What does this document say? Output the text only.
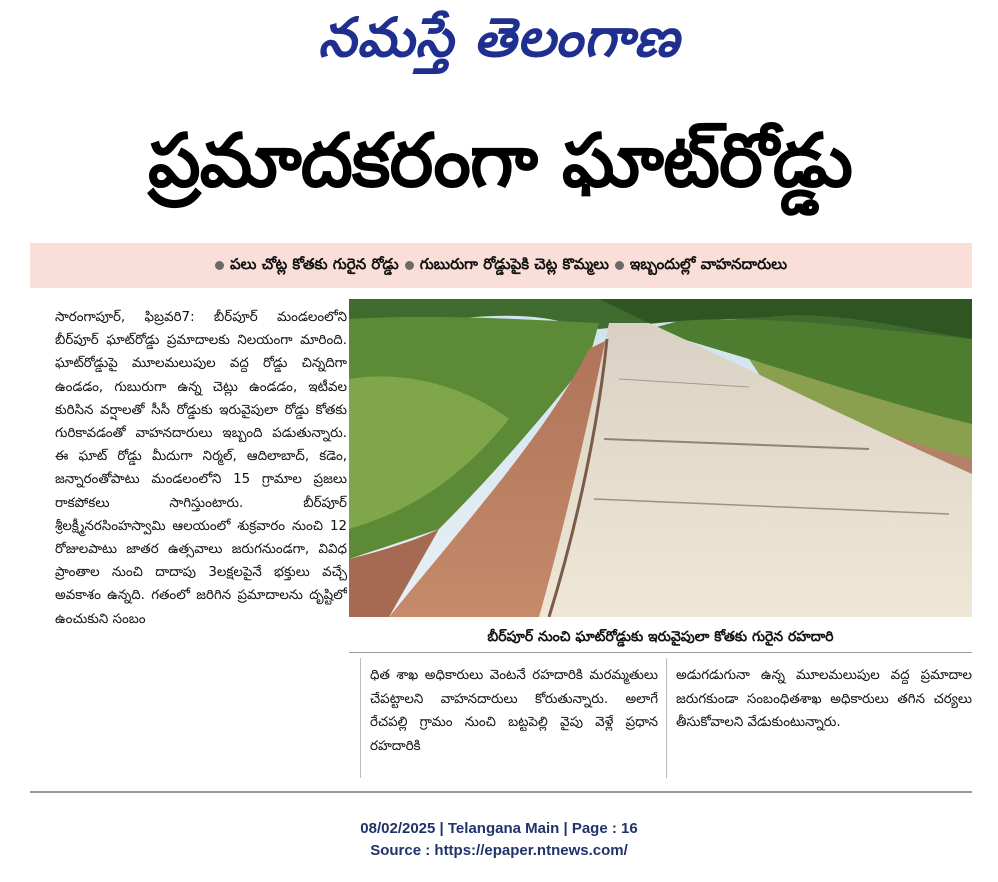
నమస్తే తెలంగాణ
ప్రమాదకరంగా ఘాట్‌రోడ్డు
పలు చోట్ల కోతకు గురైన రోడ్డు గుబురుగా రోడ్డుపైకి చెట్ల కొమ్మలు ఇబ్బందుల్లో వాహనదారులు
సారంగాపూర్, ఫిబ్రవరి7: బీర్‌పూర్ మండలంలోని బీర్‌పూర్ ఘాట్‌రోడ్డు ప్రమాదాలకు నిలయంగా మారింది. ఘాట్‌రోడ్డుపై మూలమలుపుల వద్ద రోడ్డు చిన్నదిగా ఉండడం, గుబురుగా ఉన్న చెట్లు ఉండడం, ఇటీవల కురిసిన వర్షాలతో సీసీ రోడ్డుకు ఇరువైపులా రోడ్డు కోతకు గురికావడంతో వాహనదారులు ఇబ్బంది పడుతున్నారు. ఈ ఘాట్ రోడ్డు మీదుగా నిర్మల్, ఆదిలాబాద్, కడెం, జన్నారంతోపాటు మండలంలోని 15 గ్రామాల ప్రజలు రాకపోకలు సాగిస్తుంటారు. బీర్‌పూర్ శ్రీలక్ష్మీనరసింహస్వామి ఆలయంలో శుక్రవారం నుంచి 12 రోజులపాటు జాతర ఉత్సవాలు జరుగనుండగా, వివిధ ప్రాంతాల నుంచి దాదాపు 3లక్షలపైనే భక్తులు వచ్చే అవకాశం ఉన్నది. గతంలో జరిగిన ప్రమాదాలను దృష్టిలో ఉంచుకుని సంబం
బీర్‌పూర్ నుంచి ఘాట్‌రోడ్డుకు ఇరువైపులా కోతకు గురైన రహదారి
ధిత శాఖ అధికారులు వెంటనే రహదారికి మరమ్మతులు చేపట్టాలని వాహనదారులు కోరుతున్నారు. అలాగే రేచపల్లి గ్రామం నుంచి బట్టపెల్లి వైపు వెళ్లే ప్రధాన రహదారికి
అడుగడుగునా ఉన్న మూలమలుపుల వద్ద ప్రమాదాల జరుగకుండా సంబంధితశాఖ అధికారులు తగిన చర్యలు తీసుకోవాలని వేడుకుంటున్నారు.
08/02/2025 | Telangana Main | Page : 16
Source : https://epaper.ntnews.com/
